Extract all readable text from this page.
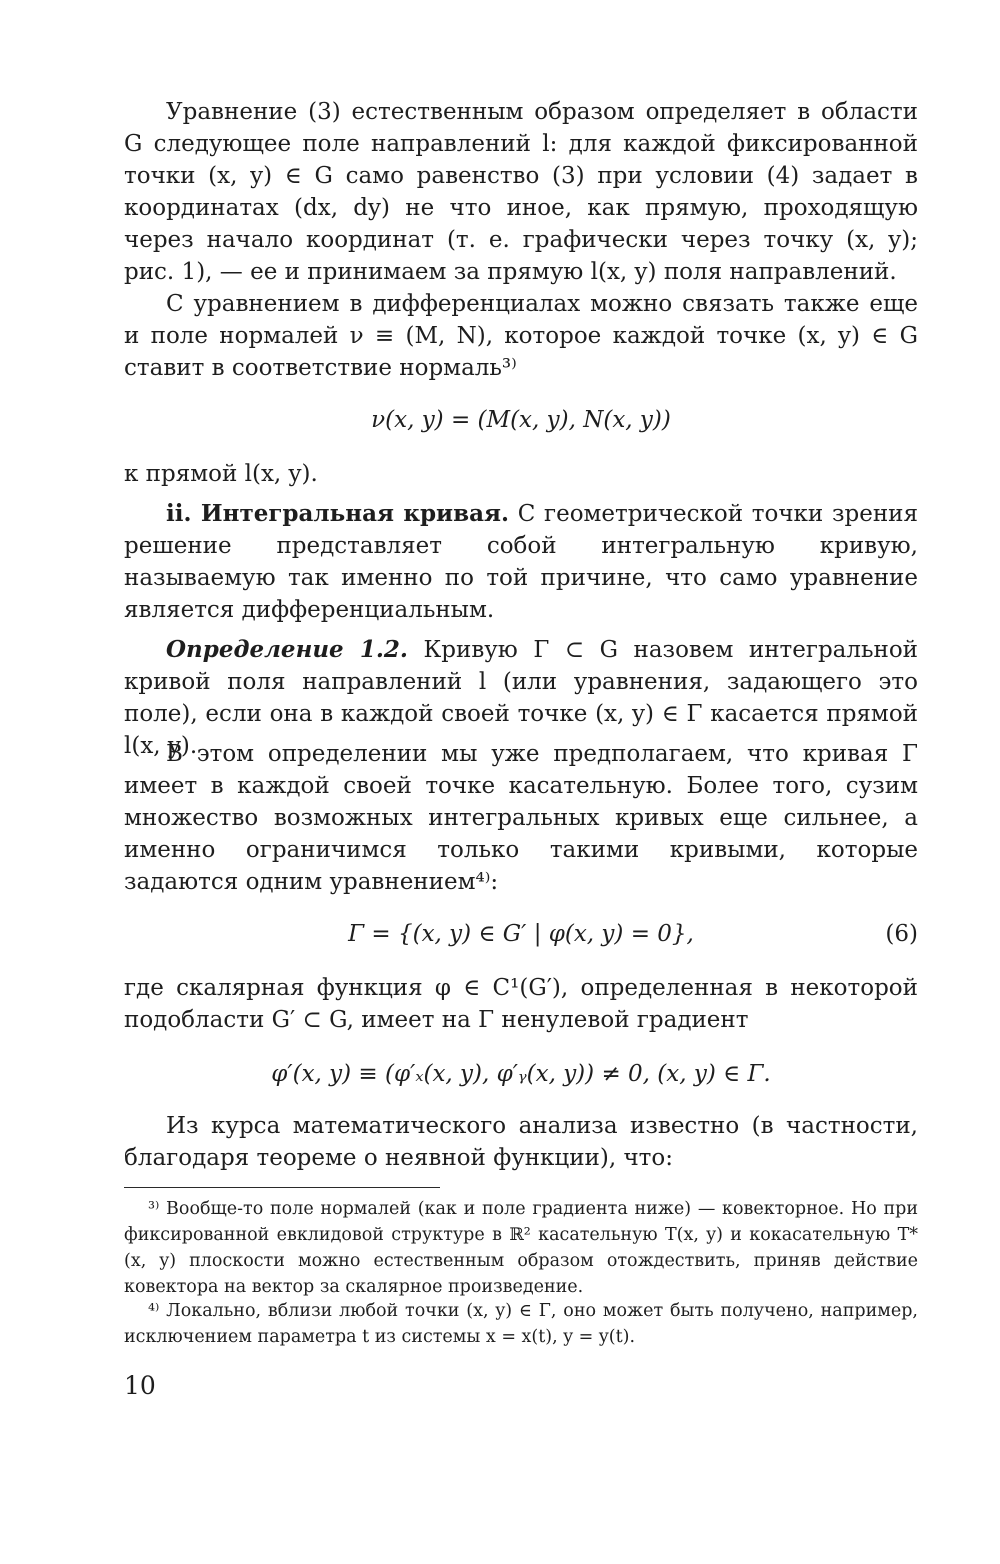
Уравнение (3) естественным образом определяет в области G следующее поле направлений l: для каждой фиксированной точки (x, y) ∈ G само равенство (3) при условии (4) задает в координатах (dx, dy) не что иное, как прямую, проходящую через начало координат (т. е. графически через точку (x, y); рис. 1), — ее и принимаем за прямую l(x, y) поля направлений.

С уравнением в дифференциалах можно связать также еще и поле нормалей ν ≡ (M, N), которое каждой точке (x, y) ∈ G ставит в соответствие нормаль³⁾

ν(x, y) = (M(x, y), N(x, y))

к прямой l(x, y).

ii. Интегральная кривая. С геометрической точки зрения решение представляет собой интегральную кривую, называемую так именно по той причине, что само уравнение является дифференциальным.

Определение 1.2. Кривую Γ ⊂ G назовем интегральной кривой поля направлений l (или уравнения, задающего это поле), если она в каждой своей точке (x, y) ∈ Γ касается прямой l(x, y).

В этом определении мы уже предполагаем, что кривая Γ имеет в каждой своей точке касательную. Более того, сузим множество возможных интегральных кривых еще сильнее, а именно ограничимся только такими кривыми, которые задаются одним уравнением⁴⁾:

Γ = {(x, y) ∈ G′ | φ(x, y) = 0},	(6)

где скалярная функция φ ∈ C¹(G′), определенная в некоторой подобласти G′ ⊂ G, имеет на Γ ненулевой градиент

φ′(x, y) ≡ (φ′ₓ(x, y), φ′ᵧ(x, y)) ≠ 0, (x, y) ∈ Γ.

Из курса математического анализа известно (в частности, благодаря теореме о неявной функции), что:

³⁾ Вообще-то поле нормалей (как и поле градиента ниже) — ковекторное. Но при фиксированной евклидовой структуре в ℝ² касательную T(x, y) и кокасательную T*(x, y) плоскости можно естественным образом отождествить, приняв действие ковектора на вектор за скалярное произведение.

⁴⁾ Локально, вблизи любой точки (x, y) ∈ Γ, оно может быть получено, например, исключением параметра t из системы x = x(t), y = y(t).

10
